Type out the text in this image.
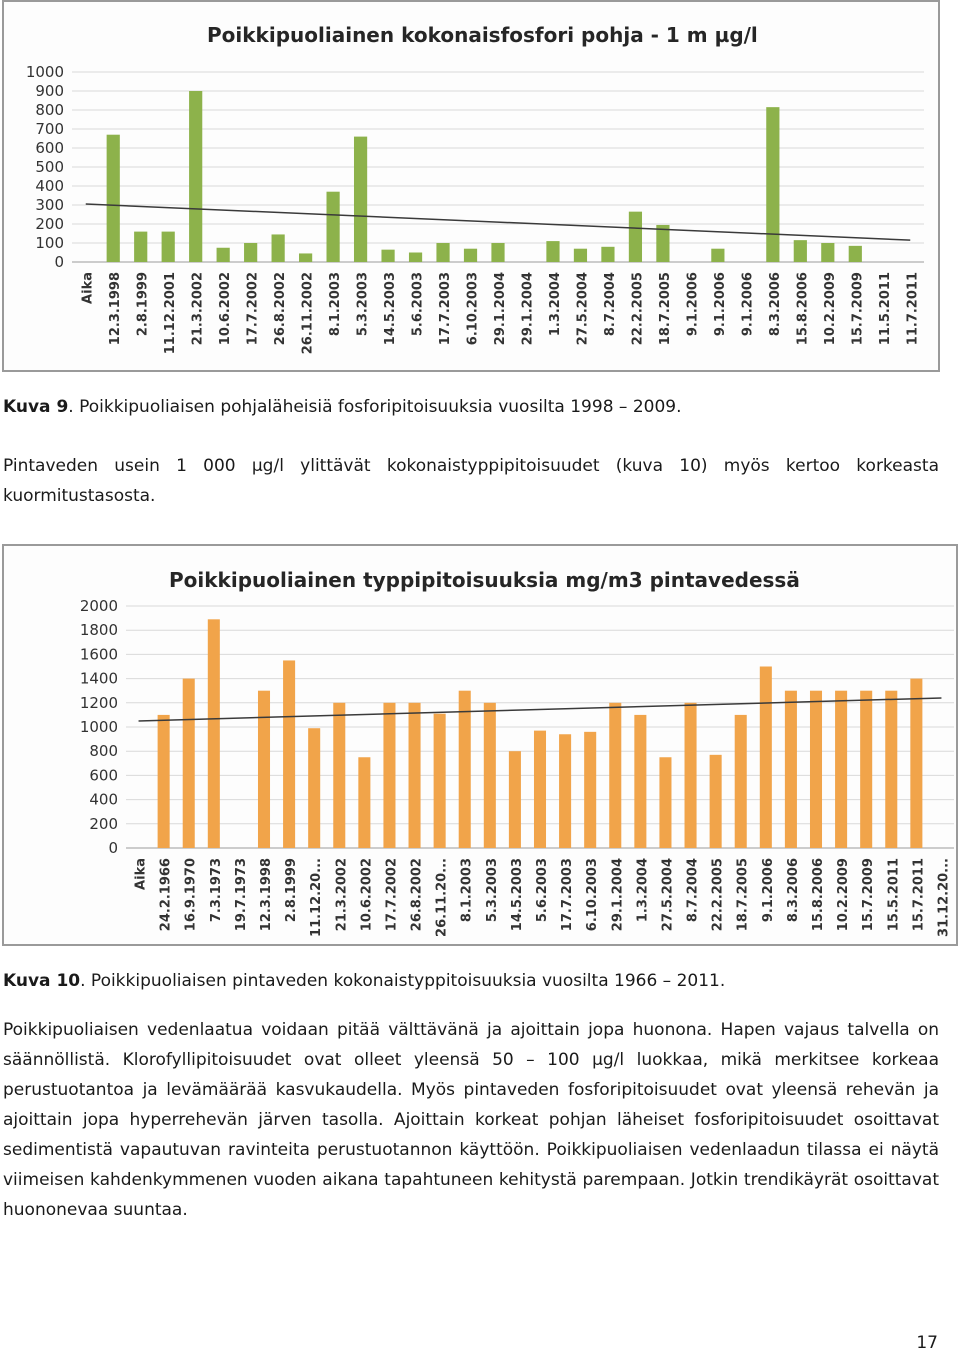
Poikkipuoliainen kokonaisfosfori pohja - 1 m µg/l
0
100
200
300
400
500
600
700
800
900
1000
Aika 12.3.1998 2.8.1999 11.12.2001 21.3.2002 10.6.2002 17.7.2002 26.8.2002 26.11.2002 8.1.2003 5.3.2003 14.5.2003 5.6.2003 17.7.2003 6.10.2003 29.1.2004 29.1.2004 1.3.2004 27.5.2004 8.7.2004 22.2.2005 18.7.2005 9.1.2006 9.1.2006 9.1.2006 8.3.2006 15.8.2006 10.2.2009 15.7.2009 11.5.2011 11.7.2011
Kuva 9. Poikkipuoliaisen pohjaläheisiä fosforipitoisuuksia vuosilta 1998 – 2009.
Pintaveden usein 1 000 µg/l ylittävät kokonaistyppipitoisuudet (kuva 10) myös kertoo korkeasta kuormitustasosta.
Poikkipuoliainen typpipitoisuuksia mg/m3 pintavedessä
0
200
400
600
800
1000
1200
1400
1600
1800
2000
Aika 24.2.1966 16.9.1970 7.3.1973 19.7.1973 12.3.1998 2.8.1999 11.12.20... 21.3.2002 10.6.2002 17.7.2002 26.8.2002 26.11.20... 8.1.2003 5.3.2003 14.5.2003 5.6.2003 17.7.2003 6.10.2003 29.1.2004 1.3.2004 27.5.2004 8.7.2004 22.2.2005 18.7.2005 9.1.2006 8.3.2006 15.8.2006 10.2.2009 15.7.2009 15.5.2011 15.7.2011 31.12.20...
Kuva 10. Poikkipuoliaisen pintaveden kokonaistyppitoisuuksia vuosilta 1966 – 2011.
Poikkipuoliaisen vedenlaatua voidaan pitää välttävänä ja ajoittain jopa huonona. Hapen vajaus talvella on säännöllistä. Klorofyllipitoisuudet ovat olleet yleensä 50 – 100 µg/l luokkaa, mikä merkitsee korkeaa perustuotantoa ja levämäärää kasvukaudella. Myös pintaveden fosforipitoisuudet ovat yleensä rehevän ja ajoittain jopa hyperrehevän järven tasolla. Ajoittain korkeat pohjan läheiset fosforipitoisuudet osoittavat sedimentistä vapautuvan ravinteita perustuotannon käyttöön. Poikkipuoliaisen vedenlaadun tilassa ei näytä viimeisen kahdenkymmenen vuoden aikana tapahtuneen kehitystä parempaan. Jotkin trendikäyrät osoittavat huononevaa suuntaa.
17
